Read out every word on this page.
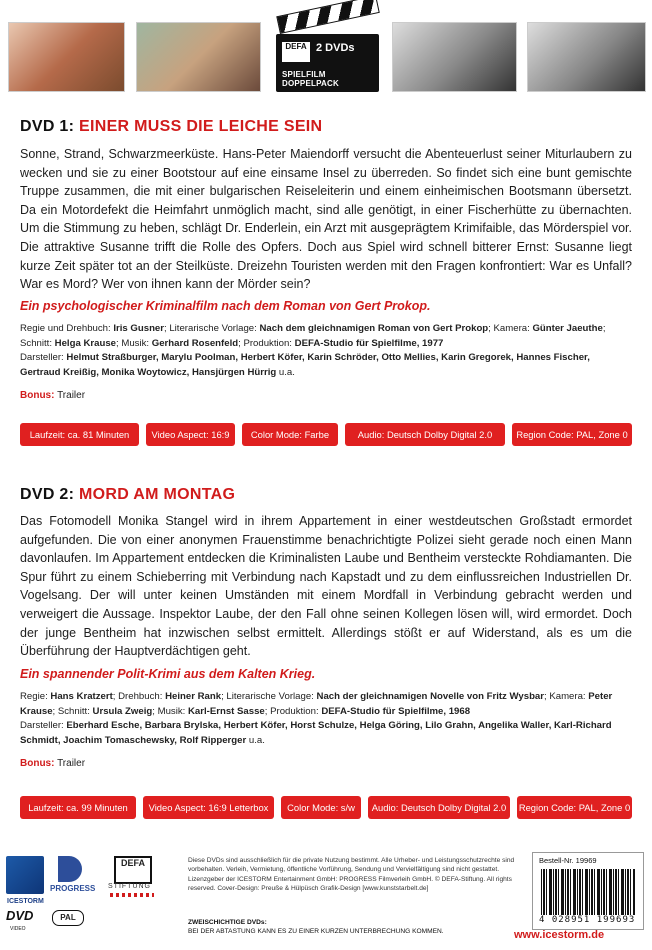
DEFA 2 DVDs
SPIELFILM DOPPELPACK
DVD 1: EINER MUSS DIE LEICHE SEIN

Sonne, Strand, Schwarzmeerküste. Hans-Peter Maiendorff versucht die Abenteuerlust seiner Miturlaubern zu wecken und sie zu einer Bootstour auf eine einsame Insel zu überreden. So findet sich eine bunt gemischte Truppe zusammen, die mit einer bulgarischen Reiseleiterin und einem einheimischen Bootsmann übersetzt. Da ein Motordefekt die Heimfahrt unmöglich macht, sind alle genötigt, in einer Fischerhütte zu übernachten. Um die Stimmung zu heben, schlägt Dr. Enderlein, ein Arzt mit ausgeprägtem Krimifaible, das Mörderspiel vor. Die attraktive Susanne trifft die Rolle des Opfers. Doch aus Spiel wird schnell bitterer Ernst: Susanne liegt kurze Zeit später tot an der Steilküste. Dreizehn Touristen werden mit den Fragen konfrontiert: War es Unfall? War es Mord? Wer von ihnen kann der Mörder sein?

Ein psychologischer Kriminalfilm nach dem Roman von Gert Prokop.

Regie und Drehbuch: Iris Gusner; Literarische Vorlage: Nach dem gleichnamigen Roman von Gert Prokop; Kamera: Günter Jaeuthe; Schnitt: Helga Krause; Musik: Gerhard Rosenfeld; Produktion: DEFA-Studio für Spielfilme, 1977
Darsteller: Helmut Straßburger, Marylu Poolman, Herbert Köfer, Karin Schröder, Otto Mellies, Karin Gregorek, Hannes Fischer, Gertraud Kreißig, Monika Woytowicz, Hansjürgen Hürrig u.a.

Bonus: Trailer

Laufzeit: ca. 81 Minuten	Video Aspect: 16:9	Color Mode: Farbe	Audio: Deutsch Dolby Digital 2.0	Region Code: PAL, Zone 0
DVD 2: MORD AM MONTAG

Das Fotomodell Monika Stangel wird in ihrem Appartement in einer westdeutschen Großstadt ermordet aufgefunden. Die von einer anonymen Frauenstimme benachrichtigte Polizei sieht gerade noch einen Mann davonlaufen. Im Appartement entdecken die Kriminalisten Laube und Bentheim versteckte Rohdiamanten. Die Spur führt zu einem Schieberring mit Verbindung nach Kapstadt und zu dem einflussreichen Industriellen Dr. Vogelsang. Der will unter keinen Umständen mit einem Mordfall in Verbindung gebracht werden und verweigert die Aussage. Inspektor Laube, der den Fall ohne seinen Kollegen lösen will, wird ermordet. Doch der junge Bentheim hat inzwischen selbst ermittelt. Allerdings stößt er auf Widerstand, als es um die Überführung der Hauptverdächtigen geht.

Ein spannender Polit-Krimi aus dem Kalten Krieg.

Regie: Hans Kratzert; Drehbuch: Heiner Rank; Literarische Vorlage: Nach der gleichnamigen Novelle von Fritz Wysbar; Kamera: Peter Krause; Schnitt: Ursula Zweig; Musik: Karl-Ernst Sasse; Produktion: DEFA-Studio für Spielfilme, 1968
Darsteller: Eberhard Esche, Barbara Brylska, Herbert Köfer, Horst Schulze, Helga Göring, Lilo Grahn, Angelika Waller, Karl-Richard Schmidt, Joachim Tomaschewsky, Rolf Ripperger u.a.

Bonus: Trailer

Laufzeit: ca. 99 Minuten	Video Aspect: 16:9 Letterbox	Color Mode: s/w	Audio: Deutsch Dolby Digital 2.0	Region Code: PAL, Zone 0
ICESTORM
PROGRESS
DEFA
STIFTUNG
DVD
VIDEO
PAL

Diese DVDs sind ausschließlich für die private Nutzung bestimmt. Alle Urheber- und Leistungsschutzrechte sind vorbehalten. Verleih, Vermietung, öffentliche Vorführung, Sendung und Vervielfältigung sind nicht gestattet. Lizenzgeber der ICESTORM Entertainment GmbH: PROGRESS Filmverleih GmbH. © DEFA-Stiftung. All rights reserved. Cover-Design: Preuße & Hülpüsch Grafik-Design [www.kunststarbelt.de]

ZWEISCHICHTIGE DVDs:
BEI DER ABTASTUNG KANN ES ZU EINER KURZEN UNTERBRECHUNG KOMMEN.

Bestell-Nr. 19969
4 028951 199693
www.icestorm.de
